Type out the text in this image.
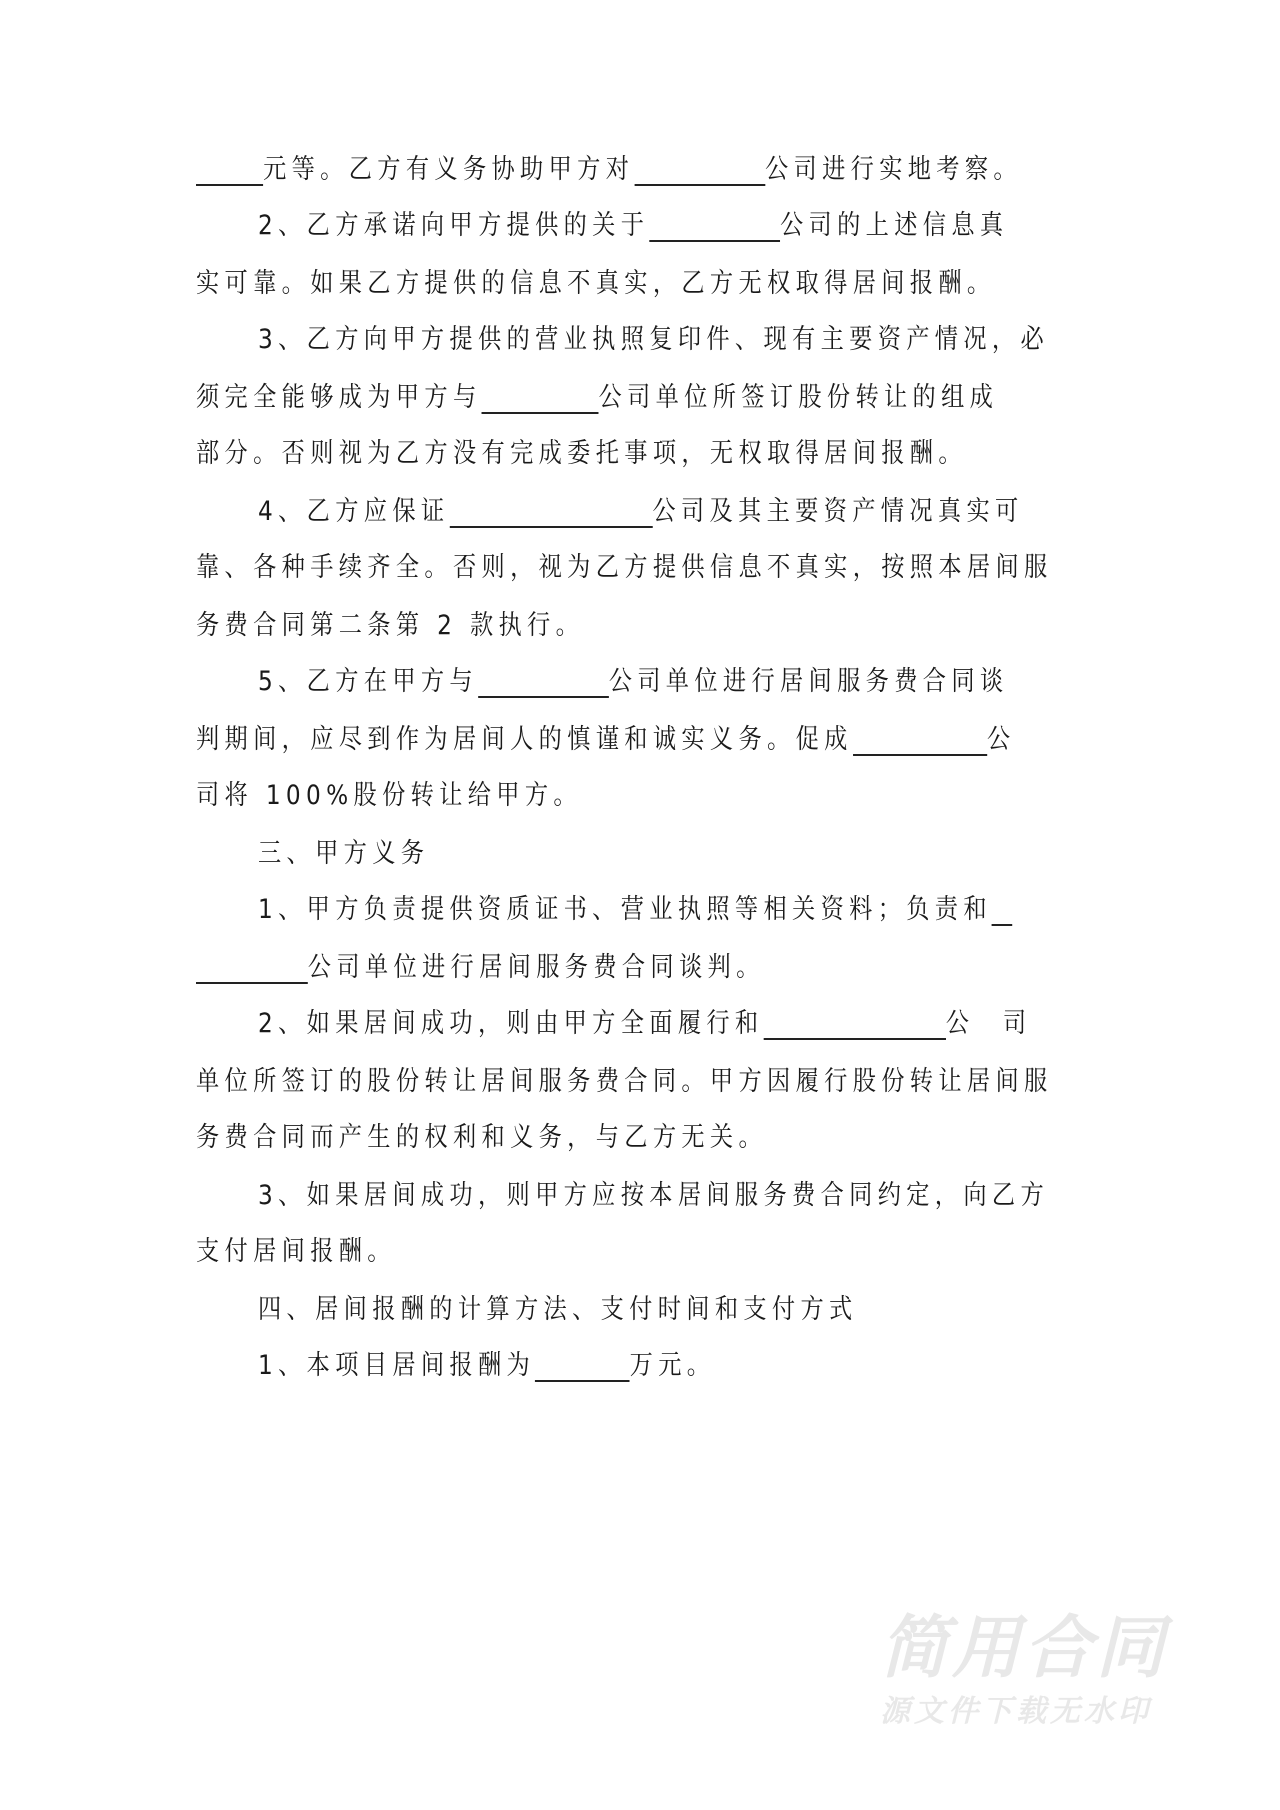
元等。乙方有义务协助甲方对	公司进行实地考察。
2、乙方承诺向甲方提供的关于	公司的上述信息真
实可靠。如果乙方提供的信息不真实，乙方无权取得居间报酬。
3、乙方向甲方提供的营业执照复印件、现有主要资产情况，必
须完全能够成为甲方与	公司单位所签订股份转让的组成
部分。否则视为乙方没有完成委托事项，无权取得居间报酬。
4、乙方应保证	公司及其主要资产情况真实可
靠、各种手续齐全。否则，视为乙方提供信息不真实，按照本居间服
务费合同第二条第 2 款执行。
5、乙方在甲方与	公司单位进行居间服务费合同谈
判期间，应尽到作为居间人的慎谨和诚实义务。促成	公
司将 100%股份转让给甲方。
三、甲方义务
1、甲方负责提供资质证书、营业执照等相关资料；负责和
公司单位进行居间服务费合同谈判。
2、如果居间成功，则由甲方全面履行和	公　司
单位所签订的股份转让居间服务费合同。甲方因履行股份转让居间服
务费合同而产生的权利和义务，与乙方无关。
3、如果居间成功，则甲方应按本居间服务费合同约定，向乙方
支付居间报酬。
四、居间报酬的计算方法、支付时间和支付方式
1、本项目居间报酬为	万元。
简用合同
源文件下载无水印
